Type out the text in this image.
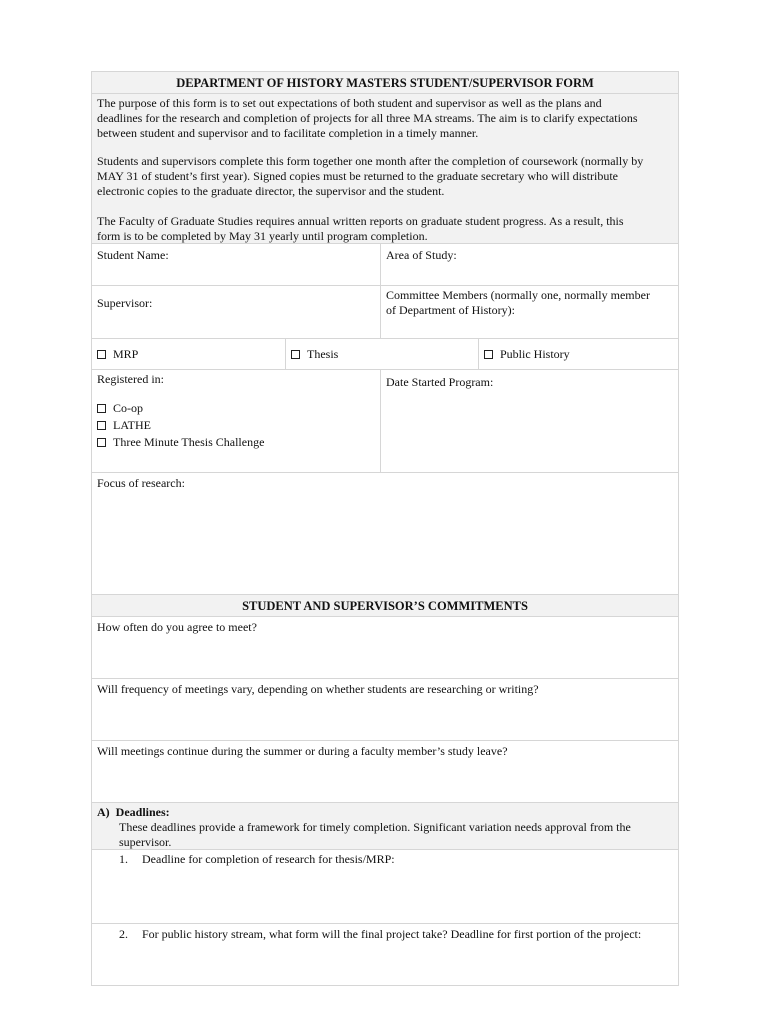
DEPARTMENT OF HISTORY MASTERS STUDENT/SUPERVISOR FORM
The purpose of this form is to set out expectations of both student and supervisor as well as the plans and
deadlines for the research and completion of projects for all three MA streams. The aim is to clarify expectations
between student and supervisor and to facilitate completion in a timely manner.
Students and supervisors complete this form together one month after the completion of coursework (normally by
MAY 31 of student’s first year). Signed copies must be returned to the graduate secretary who will distribute
electronic copies to the graduate director, the supervisor and the student.
The Faculty of Graduate Studies requires annual written reports on graduate student progress. As a result, this
form is to be completed by May 31 yearly until program completion.
Student Name:	Area of Study:
Supervisor:
Committee Members (normally one, normally member
of Department of History):
MRP	Thesis	Public History
Registered in:
Co-op
LATHE
Three Minute Thesis Challenge
Date Started Program:
Focus of research:
STUDENT AND SUPERVISOR’S COMMITMENTS
How often do you agree to meet?
Will frequency of meetings vary, depending on whether students are researching or writing?
Will meetings continue during the summer or during a faculty member’s study leave?
A)  Deadlines:
These deadlines provide a framework for timely completion. Significant variation needs approval from the
supervisor.
1. Deadline for completion of research for thesis/MRP:
2. For public history stream, what form will the final project take? Deadline for first portion of the project:
